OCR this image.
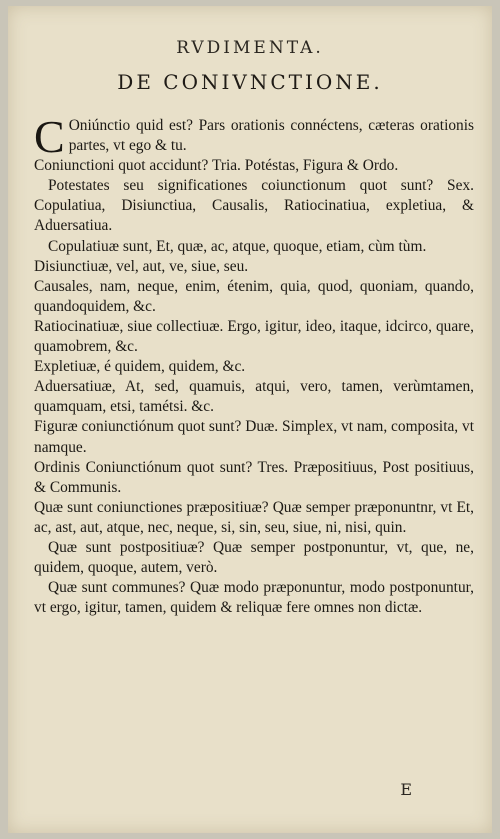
RVDIMENTA.
DE CONIVNCTIONE.

C Oniúnctio quid est? Pars orationis connéctens, cæteras orationis partes, vt ego & tu.

Coniunctioni quot accidunt? Tria. Potéstas, Figura & Ordo.

Potestates seu significationes coiunctionum quot sunt? Sex. Copulatiua, Disiunctiua, Causalis, Ratiocinatiua, expletiua, & Aduersatiua.

Copulatiuæ sunt, Et, quæ, ac, atque, quoque, etiam, cùm tùm.

Disiunctiuæ, vel, aut, ve, siue, seu.

Causales, nam, neque, enim, étenim, quia, quod, quoniam, quando, quandoquidem, &c.

Ratiocinatiuæ, siue collectiuæ. Ergo, igitur, ideo, itaque, idcirco, quare, quamobrem, &c.

Expletiuæ, é quidem, quidem, &c.

Aduersatiuæ, At, sed, quamuis, atqui, vero, tamen, verùmtamen, quamquam, etsi, tamétsi. &c.

Figuræ coniunctiónum quot sunt? Duæ. Simplex, vt nam, composita, vt namque.

Ordinis Coniunctiónum quot sunt? Tres. Præpositiuus, Post positiuus, & Communis.

Quæ sunt coniunctiones præpositiuæ? Quæ semper præponuntnr, vt Et, ac, ast, aut, atque, nec, neque, si, sin, seu, siue, ni, nisi, quin.

Quæ sunt postpositiuæ? Quæ semper postponuntur, vt, que, ne, quidem, quoque, autem, verò.

Quæ sunt communes? Quæ modo præponuntur, modo postponuntur, vt ergo, igitur, tamen, quidem & reliquæ fere omnes non dictæ.

E
